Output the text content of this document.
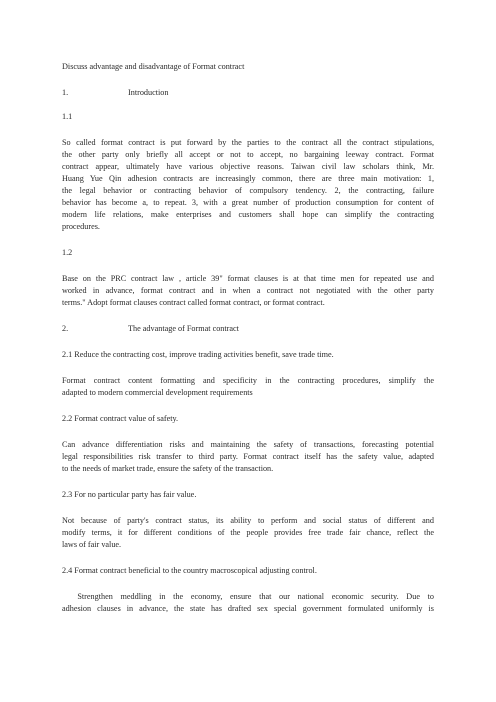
Discuss advantage and disadvantage of Format contract
1.	Introduction
1.1
So called format contract is put forward by the parties to the contract all the contract stipulations,
the other party only briefly all accept or not to accept, no bargaining leeway contract. Format
contract appear, ultimately have various objective reasons. Taiwan civil law scholars think, Mr.
Huang Yue Qin adhesion contracts are increasingly common, there are three main motivation: 1,
the legal behavior or contracting behavior of compulsory tendency. 2, the contracting, failure
behavior has become a, to repeat. 3, with a great number of production consumption for content of
modern life relations, make enterprises and customers shall hope can simplify the contracting
procedures.
1.2
Base on the PRC contract law , article 39" format clauses is at that time men for repeated use and
worked in advance, format contract and in when a contract not negotiated with the other party
terms." Adopt format clauses contract called format contract, or format contract.
2.	The advantage of Format contract
2.1 Reduce the contracting cost, improve trading activities benefit, save trade time.
Format contract content formatting and specificity in the contracting procedures, simplify the
adapted to modern commercial development requirements
2.2 Format contract value of safety.
Can advance differentiation risks and maintaining the safety of transactions, forecasting potential
legal responsibilities risk transfer to third party. Format contract itself has the safety value, adapted
to the needs of market trade, ensure the safety of the transaction.
2.3 For no particular party has fair value.
Not because of party's contract status, its ability to perform and social status of different and
modify terms, it for different conditions of the people provides free trade fair chance, reflect the
laws of fair value.
2.4 Format contract beneficial to the country macroscopical adjusting control.
Strengthen meddling in the economy, ensure that our national economic security. Due to
adhesion clauses in advance, the state has drafted sex special government formulated uniformly is
